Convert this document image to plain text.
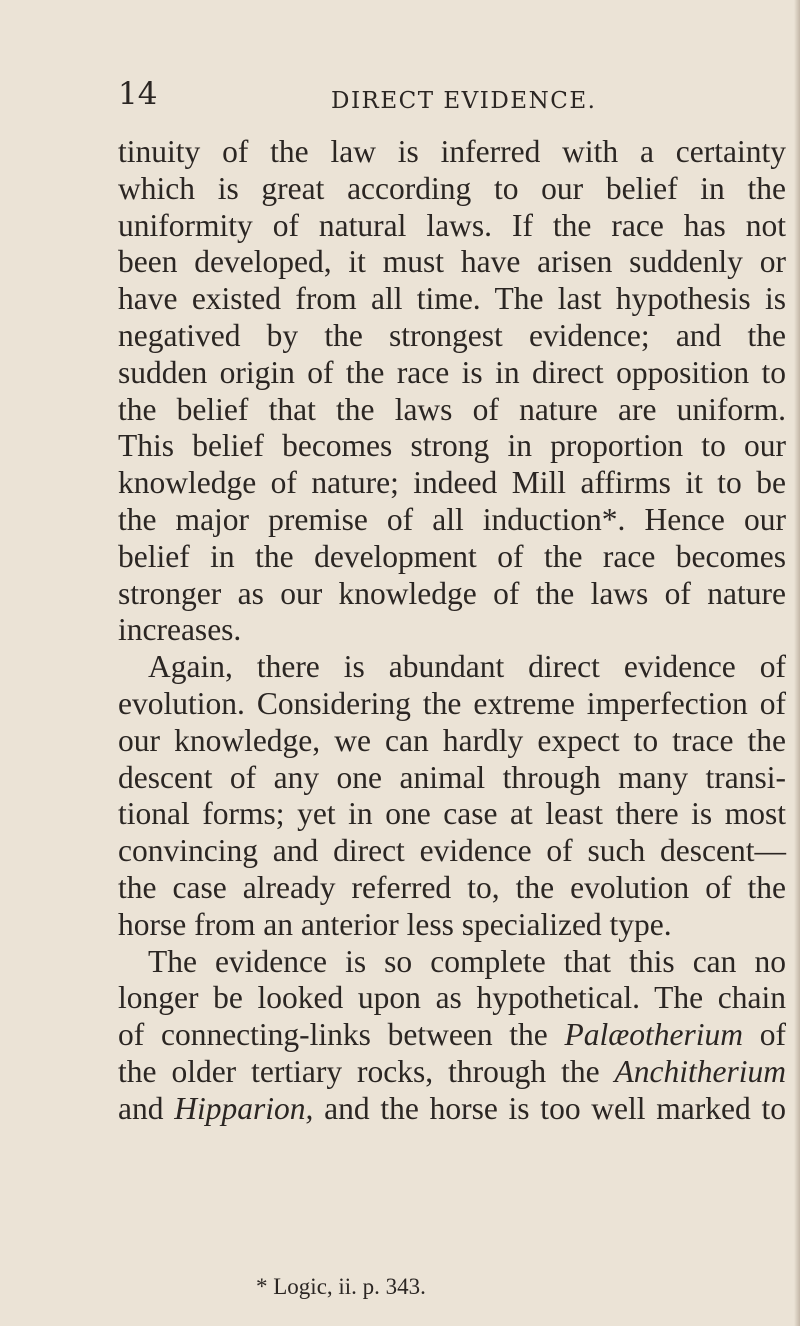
14	DIRECT EVIDENCE.
tinuity of the law is inferred with a certainty
which is great according to our belief in the
uniformity of natural laws. If the race has not
been developed, it must have arisen suddenly or
have existed from all time. The last hypothesis is
negatived by the strongest evidence; and the
sudden origin of the race is in direct opposition to
the belief that the laws of nature are uniform.
This belief becomes strong in proportion to our
knowledge of nature; indeed Mill affirms it to be
the major premise of all induction*. Hence our
belief in the development of the race becomes
stronger as our knowledge of the laws of nature
increases.
Again, there is abundant direct evidence of
evolution. Considering the extreme imperfection of
our knowledge, we can hardly expect to trace the
descent of any one animal through many transi-
tional forms; yet in one case at least there is most
convincing and direct evidence of such descent—
the case already referred to, the evolution of the
horse from an anterior less specialized type.
The evidence is so complete that this can no
longer be looked upon as hypothetical. The chain
of connecting-links between the Palæotherium of
the older tertiary rocks, through the Anchitherium
and Hipparion, and the horse is too well marked to
* Logic, ii. p. 343.
